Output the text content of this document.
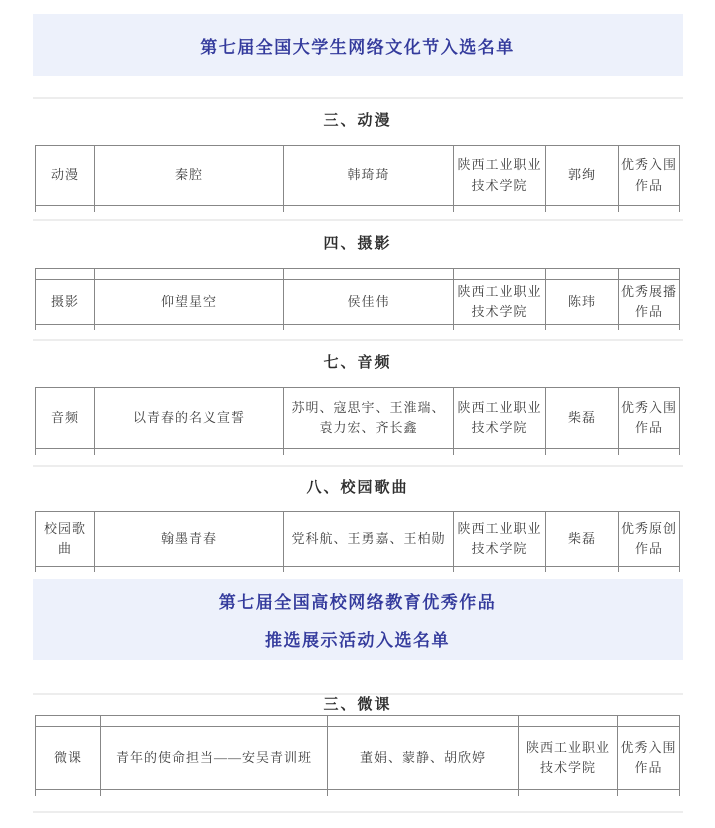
第七届全国大学生网络文化节入选名单
三、动漫
动漫	秦腔	韩琦琦	陕西工业职业技术学院	郭绚	优秀入围作品

四、摄影

摄影	仰望星空	侯佳伟	陕西工业职业技术学院	陈玮	优秀展播作品

七、音频
音频	以青春的名义宣誓	苏明、寇思宇、王淮瑞、袁力宏、齐长鑫	陕西工业职业技术学院	柴磊	优秀入围作品

八、校园歌曲
校园歌曲	翰墨青春	党科航、王勇嘉、王柏勋	陕西工业职业技术学院	柴磊	优秀原创作品

第七届全国高校网络教育优秀作品
推选展示活动入选名单
三、微课

微课	青年的使命担当——安吴青训班	董娟、蒙静、胡欣婷	陕西工业职业技术学院	优秀入围作品
